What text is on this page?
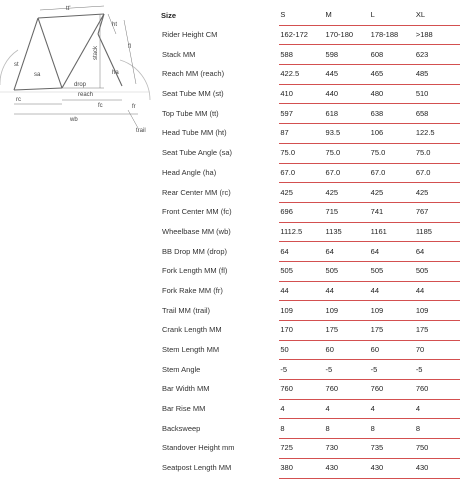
tt'
ht
st
fl
stack
sa	ha
drop
reach
rc
fc
wb
fr
trail
Size	S	M	L	XL
Rider Height CM	162-172	170-180	178-188	>188
Stack MM	588	598	608	623
Reach MM (reach)	422.5	445	465	485
Seat Tube MM (st)	410	440	480	510
Top Tube MM (tt)	597	618	638	658
Head Tube MM (ht)	87	93.5	106	122.5
Seat Tube Angle (sa)	75.0	75.0	75.0	75.0
Head Angle (ha)	67.0	67.0	67.0	67.0
Rear Center MM (rc)	425	425	425	425
Front Center MM (fc)	696	715	741	767
Wheelbase MM (wb)	1112.5	1135	1161	1185
BB Drop MM (drop)	64	64	64	64
Fork Length MM (fl)	505	505	505	505
Fork Rake MM (fr)	44	44	44	44
Trail MM (trail)	109	109	109	109
Crank Length MM	170	175	175	175
Stem Length MM	50	60	60	70
Stem Angle	-5	-5	-5	-5
Bar Width MM	760	760	760	760
Bar Rise MM	4	4	4	4
Backsweep	8	8	8	8
Standover Height mm	725	730	735	750
Seatpost Length MM	380	430	430	430
